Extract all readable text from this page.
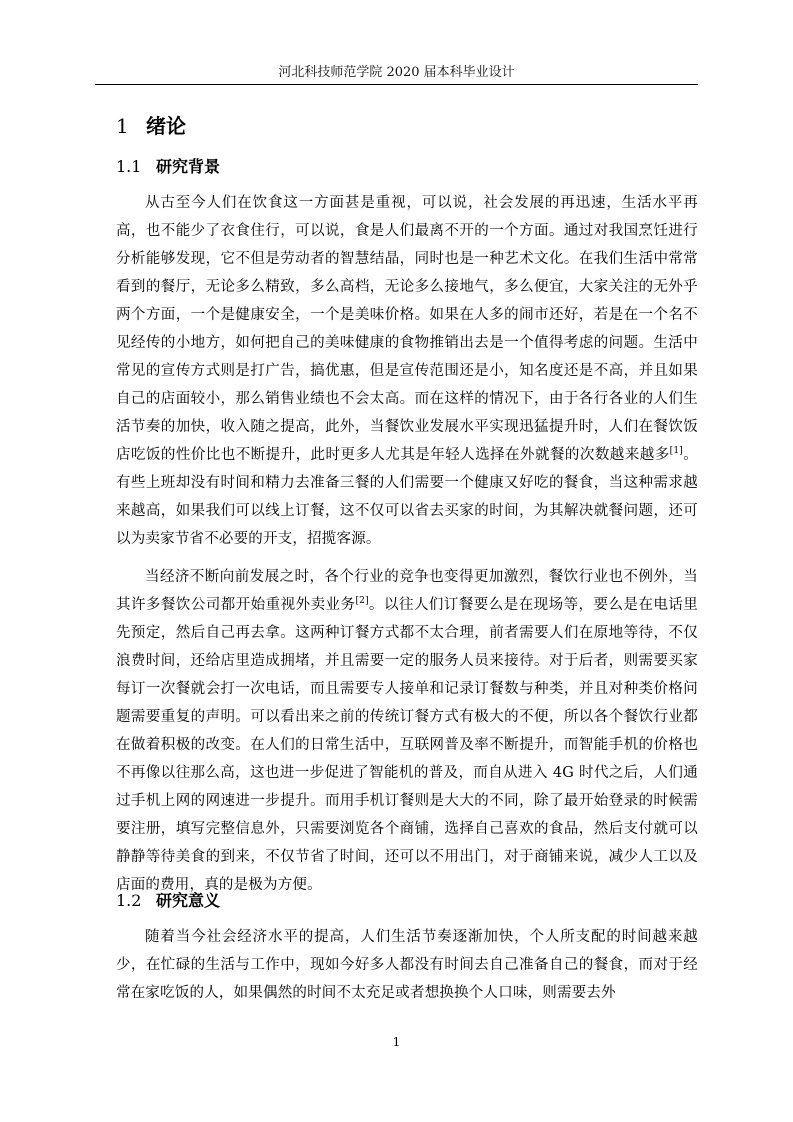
河北科技师范学院 2020 届本科毕业设计
1 绪论
1.1 研究背景

从古至今人们在饮食这一方面甚是重视，可以说，社会发展的再迅速，生活水平再高，也不能少了衣食住行，可以说，食是人们最离不开的一个方面。通过对我国烹饪进行分析能够发现，它不但是劳动者的智慧结晶，同时也是一种艺术文化。在我们生活中常常看到的餐厅，无论多么精致，多么高档，无论多么接地气，多么便宜，大家关注的无外乎两个方面，一个是健康安全，一个是美味价格。如果在人多的闹市还好，若是在一个名不见经传的小地方，如何把自己的美味健康的食物推销出去是一个值得考虑的问题。生活中常见的宣传方式则是打广告，搞优惠，但是宣传范围还是小，知名度还是不高，并且如果自己的店面较小，那么销售业绩也不会太高。而在这样的情况下，由于各行各业的人们生活节奏的加快，收入随之提高，此外，当餐饮业发展水平实现迅猛提升时，人们在餐饮饭店吃饭的性价比也不断提升，此时更多人尤其是年轻人选择在外就餐的次数越来越多[1]。有些上班却没有时间和精力去准备三餐的人们需要一个健康又好吃的餐食，当这种需求越来越高，如果我们可以线上订餐，这不仅可以省去买家的时间，为其解决就餐问题，还可以为卖家节省不必要的开支，招揽客源。

当经济不断向前发展之时，各个行业的竞争也变得更加激烈，餐饮行业也不例外，当其许多餐饮公司都开始重视外卖业务[2]。以往人们订餐要么是在现场等，要么是在电话里先预定，然后自己再去拿。这两种订餐方式都不太合理，前者需要人们在原地等待，不仅浪费时间，还给店里造成拥堵，并且需要一定的服务人员来接待。对于后者，则需要买家每订一次餐就会打一次电话，而且需要专人接单和记录订餐数与种类，并且对种类价格问题需要重复的声明。可以看出来之前的传统订餐方式有极大的不便，所以各个餐饮行业都在做着积极的改变。在人们的日常生活中，互联网普及率不断提升，而智能手机的价格也不再像以往那么高，这也进一步促进了智能机的普及，而自从进入 4G 时代之后，人们通过手机上网的网速进一步提升。而用手机订餐则是大大的不同，除了最开始登录的时候需要注册，填写完整信息外，只需要浏览各个商铺，选择自己喜欢的食品，然后支付就可以静静等待美食的到来，不仅节省了时间，还可以不用出门，对于商铺来说，减少人工以及店面的费用，真的是极为方便。

1.2 研究意义

随着当今社会经济水平的提高，人们生活节奏逐渐加快，个人所支配的时间越来越少，在忙碌的生活与工作中，现如今好多人都没有时间去自己准备自己的餐食，而对于经常在家吃饭的人，如果偶然的时间不太充足或者想换换个人口味，则需要去外

1
